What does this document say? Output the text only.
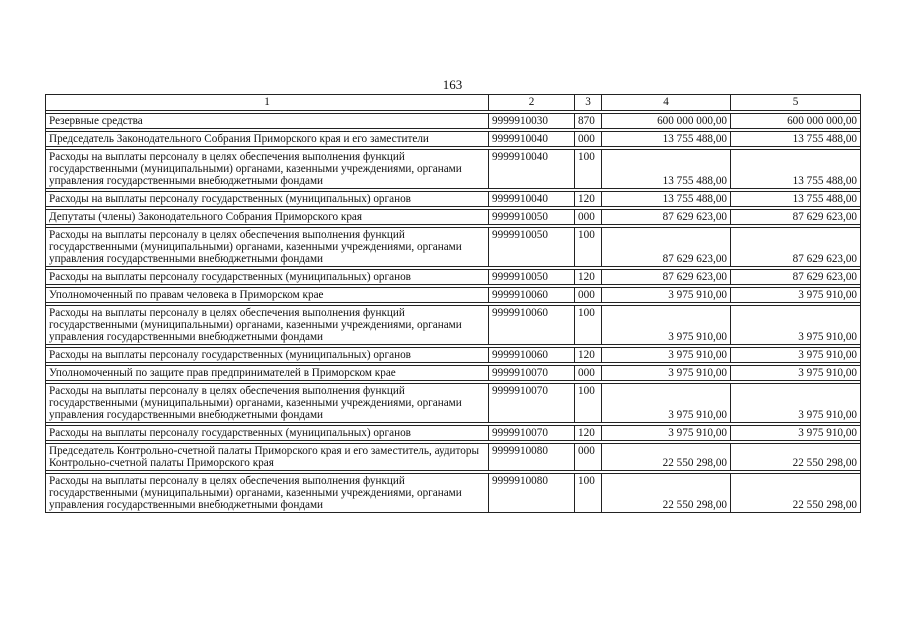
163
1	2	3	4	5

Резервные средства	9999910030	870	600 000 000,00	600 000 000,00

Председатель Законодательного Собрания Приморского края и его заместители	9999910040	000	13 755 488,00	13 755 488,00

Расходы на выплаты персоналу в целях обеспечения выполнения функций государственными (муниципальными) органами, казенными учреждениями, органами управления государственными внебюджетными фондами	9999910040	100	13 755 488,00	13 755 488,00

Расходы на выплаты персоналу государственных (муниципальных) органов	9999910040	120	13 755 488,00	13 755 488,00

Депутаты (члены) Законодательного Собрания Приморского края	9999910050	000	87 629 623,00	87 629 623,00

Расходы на выплаты персоналу в целях обеспечения выполнения функций государственными (муниципальными) органами, казенными учреждениями, органами управления государственными внебюджетными фондами	9999910050	100	87 629 623,00	87 629 623,00

Расходы на выплаты персоналу государственных (муниципальных) органов	9999910050	120	87 629 623,00	87 629 623,00

Уполномоченный по правам человека в Приморском крае	9999910060	000	3 975 910,00	3 975 910,00

Расходы на выплаты персоналу в целях обеспечения выполнения функций государственными (муниципальными) органами, казенными учреждениями, органами управления государственными внебюджетными фондами	9999910060	100	3 975 910,00	3 975 910,00

Расходы на выплаты персоналу государственных (муниципальных) органов	9999910060	120	3 975 910,00	3 975 910,00

Уполномоченный по защите прав предпринимателей в Приморском крае	9999910070	000	3 975 910,00	3 975 910,00

Расходы на выплаты персоналу в целях обеспечения выполнения функций государственными (муниципальными) органами, казенными учреждениями, органами управления государственными внебюджетными фондами	9999910070	100	3 975 910,00	3 975 910,00

Расходы на выплаты персоналу государственных (муниципальных) органов	9999910070	120	3 975 910,00	3 975 910,00

Председатель Контрольно-счетной палаты Приморского края и его заместитель, аудиторы Контрольно-счетной палаты Приморского края	9999910080	000	22 550 298,00	22 550 298,00

Расходы на выплаты персоналу в целях обеспечения выполнения функций государственными (муниципальными) органами, казенными учреждениями, органами управления государственными внебюджетными фондами	9999910080	100	22 550 298,00	22 550 298,00
